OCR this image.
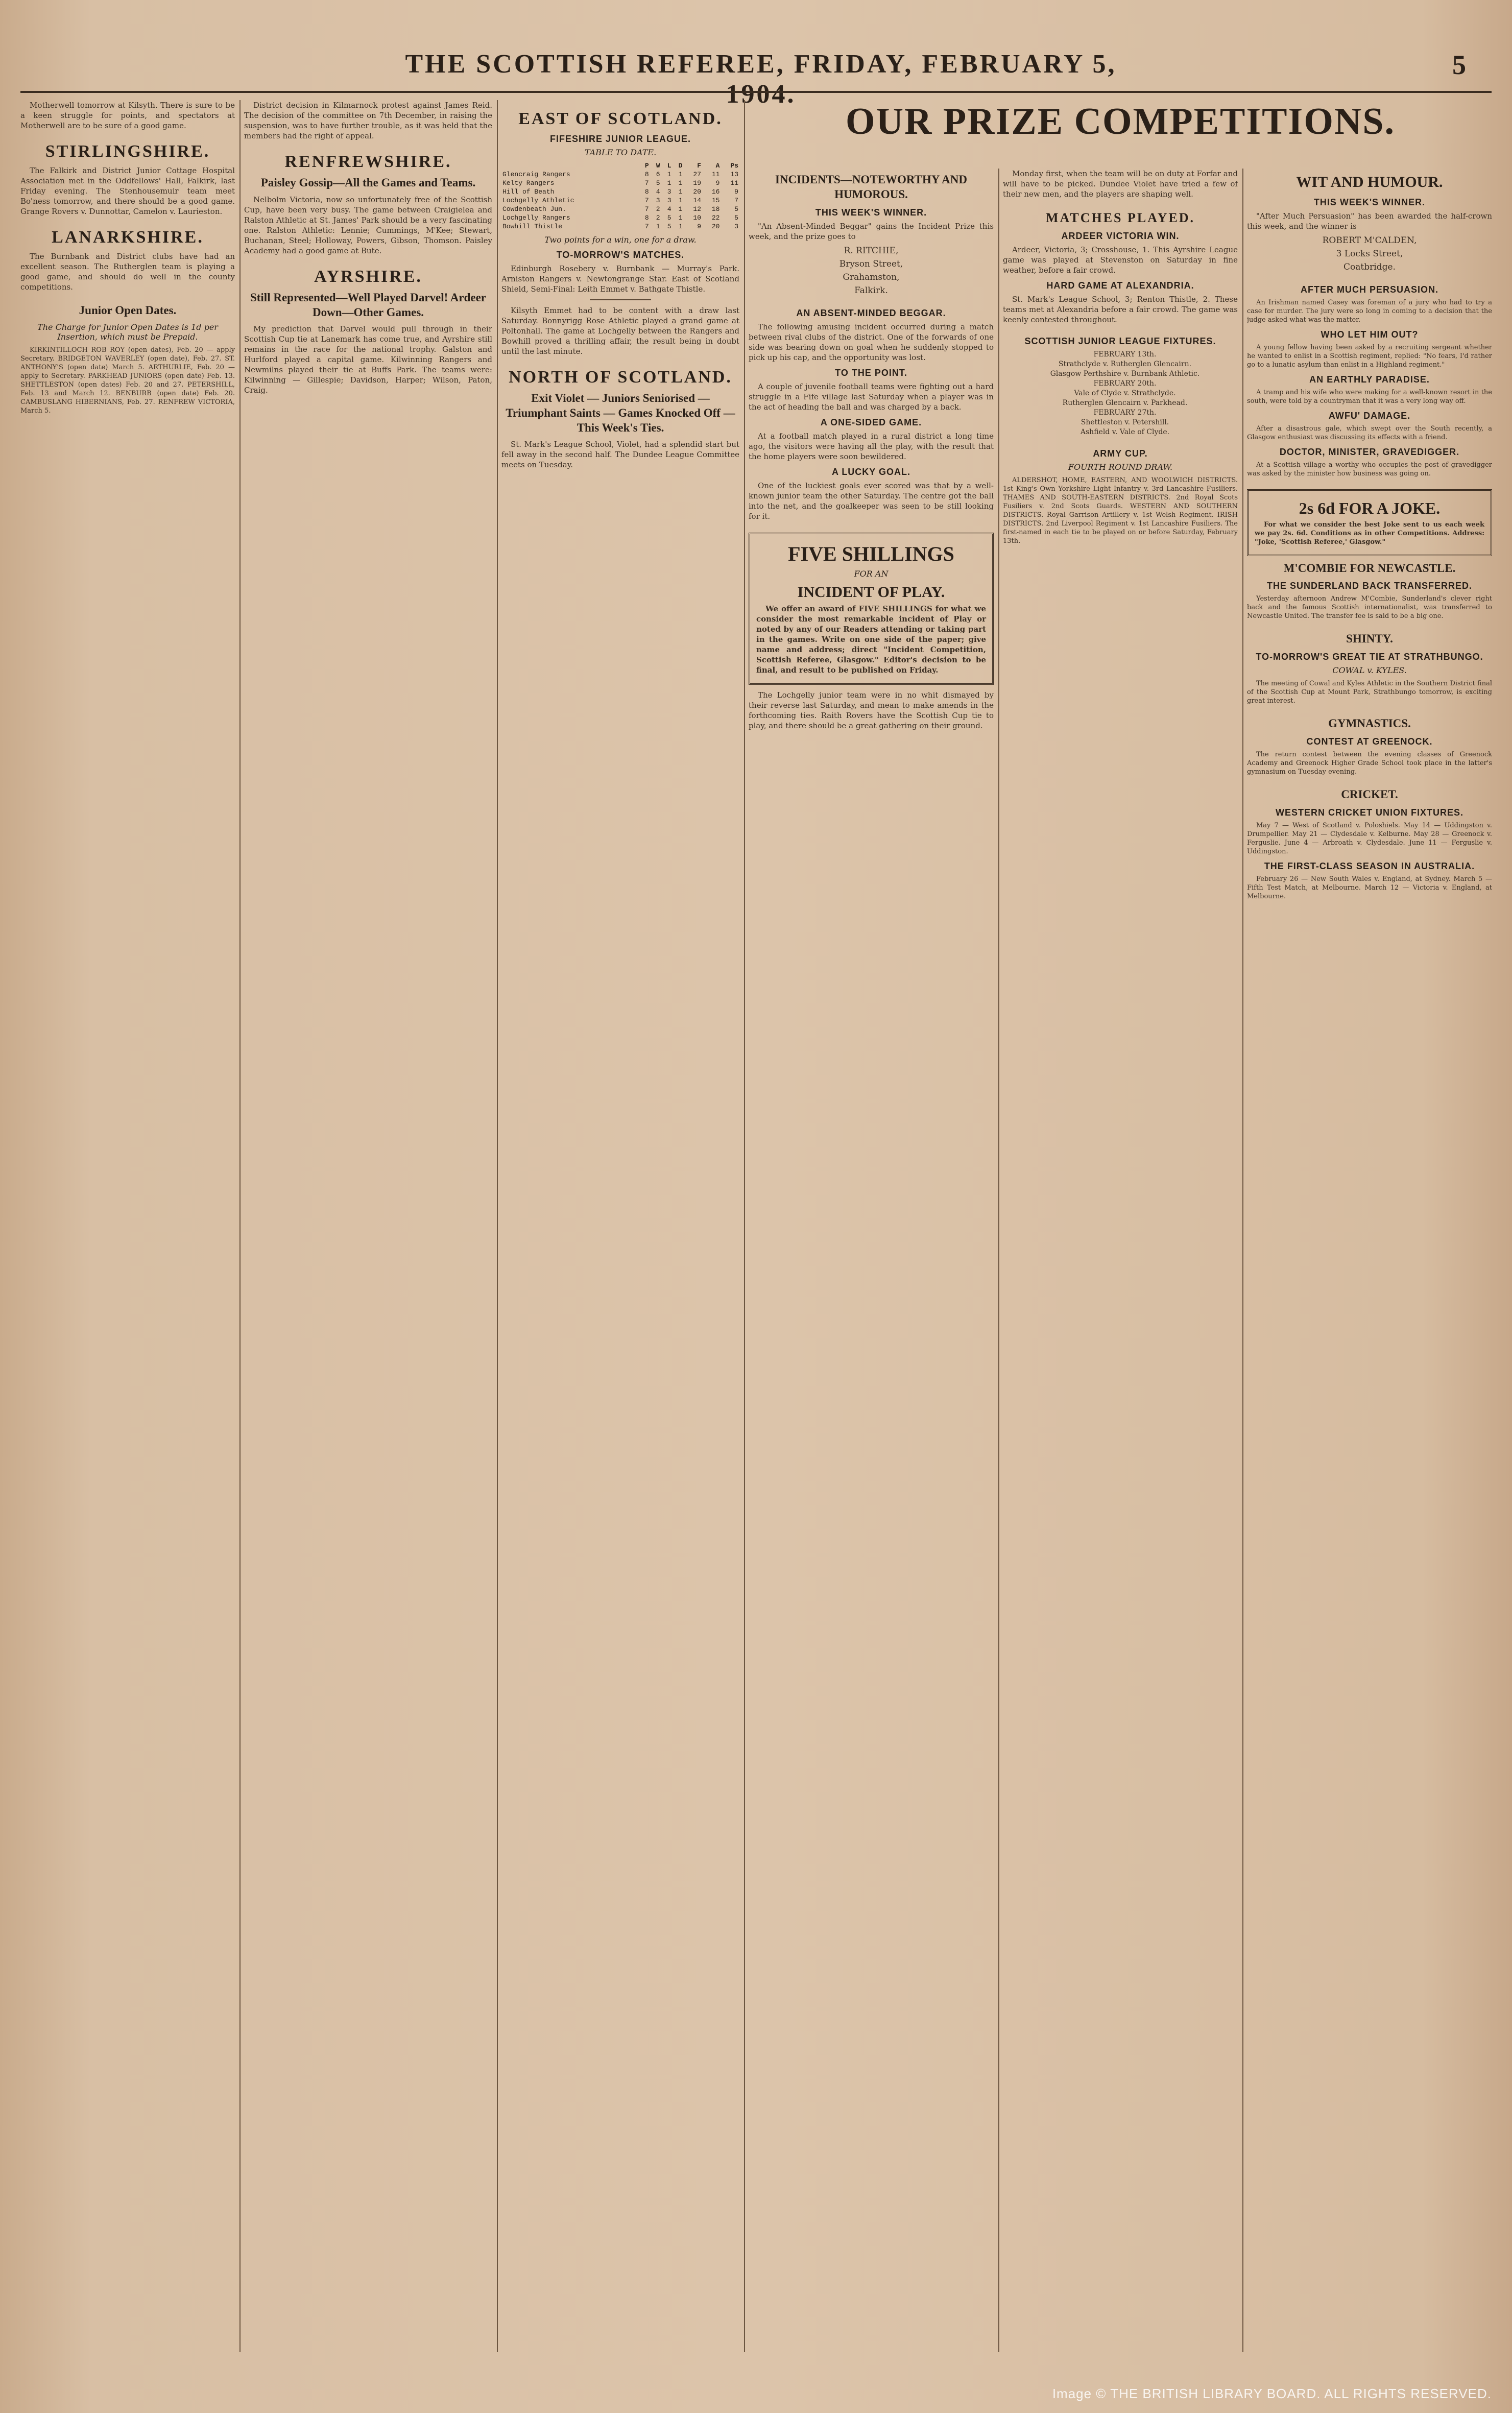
THE SCOTTISH REFEREE, FRIDAY, FEBRUARY 5, 1904.
5

Motherwell tomorrow at Kilsyth. There is sure to be a keen struggle for points, and spectators at Motherwell are to be sure of a good game.

STIRLINGSHIRE.

The Falkirk and District Junior Cottage Hospital Association met in the Oddfellows' Hall, Falkirk, last Friday evening. The Stenhousemuir team meet Bo'ness tomorrow, and there should be a good game. Grange Rovers v. Dunnottar, Camelon v. Laurieston.

LANARKSHIRE.

The Burnbank and District clubs have had an excellent season. The Rutherglen team is playing a good game, and should do well in the county competitions.

Junior Open Dates.
The Charge for Junior Open Dates is 1d per Insertion, which must be Prepaid.

KIRKINTILLOCH ROB ROY (open dates), Feb. 20 — apply Secretary. BRIDGETON WAVERLEY (open date), Feb. 27. ST. ANTHONY'S (open date) March 5. ARTHURLIE, Feb. 20 — apply to Secretary. PARKHEAD JUNIORS (open date) Feb. 13. SHETTLESTON (open dates) Feb. 20 and 27. PETERSHILL, Feb. 13 and March 12. BENBURB (open date) Feb. 20. CAMBUSLANG HIBERNIANS, Feb. 27. RENFREW VICTORIA, March 5.

District decision in Kilmarnock protest against James Reid. The decision of the committee on 7th December, in raising the suspension, was to have further trouble, as it was held that the members had the right of appeal.

RENFREWSHIRE.
Paisley Gossip—All the Games and Teams.

Nelbolm Victoria, now so unfortunately free of the Scottish Cup, have been very busy. The game between Craigielea and Ralston Athletic at St. James' Park should be a very fascinating one. Ralston Athletic: Lennie; Cummings, M'Kee; Stewart, Buchanan, Steel; Holloway, Powers, Gibson, Thomson. Paisley Academy had a good game at Bute.

AYRSHIRE.
Still Represented—Well Played Darvel! Ardeer Down—Other Games.

My prediction that Darvel would pull through in their Scottish Cup tie at Lanemark has come true, and Ayrshire still remains in the race for the national trophy. Galston and Hurlford played a capital game. Kilwinning Rangers and Newmilns played their tie at Buffs Park. The teams were: Kilwinning — Gillespie; Davidson, Harper; Wilson, Paton, Craig.

EAST OF SCOTLAND.
FIFESHIRE JUNIOR LEAGUE.
TABLE TO DATE.
	P	W	L	D	F	A	Ps
Glencraig Rangers	8	6	1	1	27	11	13
Kelty Rangers	7	5	1	1	19	9	11
Hill of Beath	8	4	3	1	20	16	9
Lochgelly Athletic	7	3	3	1	14	15	7
Cowdenbeath Jun.	7	2	4	1	12	18	5
Lochgelly Rangers	8	2	5	1	10	22	5
Bowhill Thistle	7	1	5	1	9	20	3
Two points for a win, one for a draw.
TO-MORROW'S MATCHES.

Edinburgh Rosebery v. Burnbank — Murray's Park. Arniston Rangers v. Newtongrange Star. East of Scotland Shield, Semi-Final: Leith Emmet v. Bathgate Thistle.

Kilsyth Emmet had to be content with a draw last Saturday. Bonnyrigg Rose Athletic played a grand game at Poltonhall. The game at Lochgelly between the Rangers and Bowhill proved a thrilling affair, the result being in doubt until the last minute.

NORTH OF SCOTLAND.
Exit Violet — Juniors Seniorised — Triumphant Saints — Games Knocked Off — This Week's Ties.

St. Mark's League School, Violet, had a splendid start but fell away in the second half. The Dundee League Committee meets on Tuesday.

OUR PRIZE COMPETITIONS.
INCIDENTS—NOTEWORTHY AND HUMOROUS.
THIS WEEK'S WINNER.

"An Absent-Minded Beggar" gains the Incident Prize this week, and the prize goes to

R. RITCHIE,

Bryson Street,

Grahamston,

Falkirk.

AN ABSENT-MINDED BEGGAR.

The following amusing incident occurred during a match between rival clubs of the district. One of the forwards of one side was bearing down on goal when he suddenly stopped to pick up his cap, and the opportunity was lost.

TO THE POINT.

A couple of juvenile football teams were fighting out a hard struggle in a Fife village last Saturday when a player was in the act of heading the ball and was charged by a back.

A ONE-SIDED GAME.

At a football match played in a rural district a long time ago, the visitors were having all the play, with the result that the home players were soon bewildered.

A LUCKY GOAL.

One of the luckiest goals ever scored was that by a well-known junior team the other Saturday. The centre got the ball into the net, and the goalkeeper was seen to be still looking for it.

FIVE SHILLINGS
FOR AN
INCIDENT OF PLAY.

We offer an award of FIVE SHILLINGS for what we consider the most remarkable incident of Play or noted by any of our Readers attending or taking part in the games. Write on one side of the paper; give name and address; direct "Incident Competition, Scottish Referee, Glasgow." Editor's decision to be final, and result to be published on Friday.

The Lochgelly junior team were in no whit dismayed by their reverse last Saturday, and mean to make amends in the forthcoming ties. Raith Rovers have the Scottish Cup tie to play, and there should be a great gathering on their ground.

Monday first, when the team will be on duty at Forfar and will have to be picked. Dundee Violet have tried a few of their new men, and the players are shaping well.

MATCHES PLAYED.
ARDEER VICTORIA WIN.

Ardeer, Victoria, 3; Crosshouse, 1. This Ayrshire League game was played at Stevenston on Saturday in fine weather, before a fair crowd.

HARD GAME AT ALEXANDRIA.

St. Mark's League School, 3; Renton Thistle, 2. These teams met at Alexandria before a fair crowd. The game was keenly contested throughout.

SCOTTISH JUNIOR LEAGUE FIXTURES.

FEBRUARY 13th.

Strathclyde v. Rutherglen Glencairn.

Glasgow Perthshire v. Burnbank Athletic.

FEBRUARY 20th.

Vale of Clyde v. Strathclyde.

Rutherglen Glencairn v. Parkhead.

FEBRUARY 27th.

Shettleston v. Petershill.

Ashfield v. Vale of Clyde.

ARMY CUP.
FOURTH ROUND DRAW.

ALDERSHOT, HOME, EASTERN, AND WOOLWICH DISTRICTS. 1st King's Own Yorkshire Light Infantry v. 3rd Lancashire Fusiliers. THAMES AND SOUTH-EASTERN DISTRICTS. 2nd Royal Scots Fusiliers v. 2nd Scots Guards. WESTERN AND SOUTHERN DISTRICTS. Royal Garrison Artillery v. 1st Welsh Regiment. IRISH DISTRICTS. 2nd Liverpool Regiment v. 1st Lancashire Fusiliers. The first-named in each tie to be played on or before Saturday, February 13th.

WIT AND HUMOUR.
THIS WEEK'S WINNER.

"After Much Persuasion" has been awarded the half-crown this week, and the winner is

ROBERT M'CALDEN,

3 Locks Street,

Coatbridge.

AFTER MUCH PERSUASION.

An Irishman named Casey was foreman of a jury who had to try a case for murder. The jury were so long in coming to a decision that the judge asked what was the matter.

WHO LET HIM OUT?

A young fellow having been asked by a recruiting sergeant whether he wanted to enlist in a Scottish regiment, replied: "No fears, I'd rather go to a lunatic asylum than enlist in a Highland regiment."

AN EARTHLY PARADISE.

A tramp and his wife who were making for a well-known resort in the south, were told by a countryman that it was a very long way off.

AWFU' DAMAGE.

After a disastrous gale, which swept over the South recently, a Glasgow enthusiast was discussing its effects with a friend.

DOCTOR, MINISTER, GRAVEDIGGER.

At a Scottish village a worthy who occupies the post of gravedigger was asked by the minister how business was going on.

2s 6d FOR A JOKE.

For what we consider the best Joke sent to us each week we pay 2s. 6d. Conditions as in other Competitions. Address: "Joke, 'Scottish Referee,' Glasgow."

M'COMBIE FOR NEWCASTLE.
THE SUNDERLAND BACK TRANSFERRED.

Yesterday afternoon Andrew M'Combie, Sunderland's clever right back and the famous Scottish internationalist, was transferred to Newcastle United. The transfer fee is said to be a big one.

SHINTY.
TO-MORROW'S GREAT TIE AT STRATHBUNGO.
COWAL v. KYLES.

The meeting of Cowal and Kyles Athletic in the Southern District final of the Scottish Cup at Mount Park, Strathbungo tomorrow, is exciting great interest.

GYMNASTICS.
CONTEST AT GREENOCK.

The return contest between the evening classes of Greenock Academy and Greenock Higher Grade School took place in the latter's gymnasium on Tuesday evening.

CRICKET.
WESTERN CRICKET UNION FIXTURES.

May 7 — West of Scotland v. Poloshiels. May 14 — Uddingston v. Drumpellier. May 21 — Clydesdale v. Kelburne. May 28 — Greenock v. Ferguslie. June 4 — Arbroath v. Clydesdale. June 11 — Ferguslie v. Uddingston.

THE FIRST-CLASS SEASON IN AUSTRALIA.

February 26 — New South Wales v. England, at Sydney. March 5 — Fifth Test Match, at Melbourne. March 12 — Victoria v. England, at Melbourne.

Image © THE BRITISH LIBRARY BOARD. ALL RIGHTS RESERVED.
